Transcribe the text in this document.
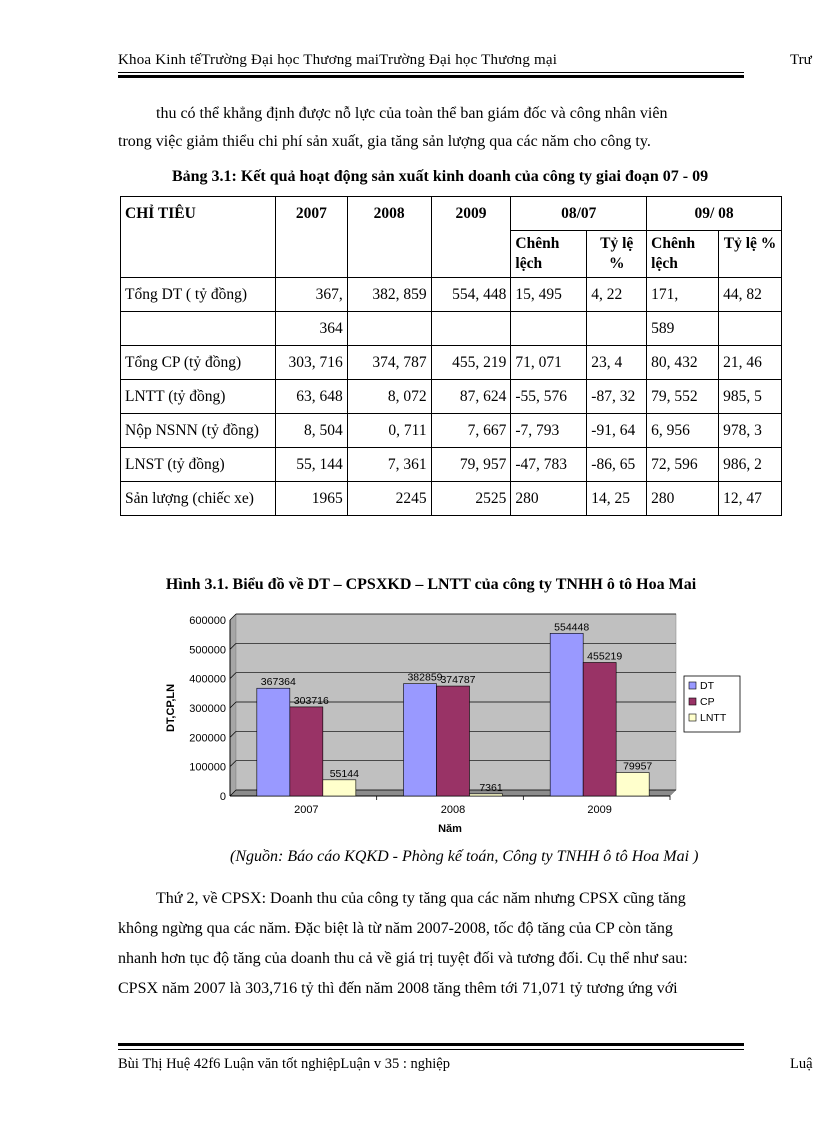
Khoa Kinh tếTrường Đại học Thương maiTrường Đại học Thương mại	Trư

thu có thể khẳng định được nỗ lực của toàn thể ban giám đốc và công nhân viên

trong việc giảm thiểu chi phí sản xuất, gia tăng sản lượng qua các năm cho công ty.

Bảng 3.1: Kết quả hoạt động sản xuất kinh doanh của công ty giai đoạn 07 - 09
CHỈ TIÊU	2007	2008	2009	08/07		09/ 08	
				Chênh lệch	Tỷ lệ %	Chênh lệch	Tỷ lệ %
Tổng DT ( tỷ đồng)	367,	382, 859	554, 448	15, 495	4, 22	171,	44, 82
	364					589	
Tổng CP (tỷ đồng)	303, 716	374, 787	455, 219	71, 071	23, 4	80, 432	21, 46
LNTT (tỷ đồng)	63, 648	8, 072	87, 624	-55, 576	-87, 32	79, 552	985, 5
Nộp NSNN (tỷ đồng)	8, 504	0, 711	7, 667	-7, 793	-91, 64	6, 956	978, 3
LNST (tỷ đồng)	55, 144	7, 361	79, 957	-47, 783	-86, 65	72, 596	986, 2
Sản lượng (chiếc xe)	1965	2245	2525	280	14, 25	280	12, 47
Hình 3.1. Biểu đồ về DT – CPSXKD – LNTT của công ty TNHH ô tô Hoa Mai
0
100000
200000
300000
400000
500000
600000
367364
303716
55144
2007
382859
374787
7361
2008
554448
455219
79957
2009
Năm
DT,CP,LN	DT
CP
LNTT
(Nguồn: Báo cáo KQKD - Phòng kế toán, Công ty TNHH ô tô Hoa Mai )

Thứ 2, về CPSX: Doanh thu của công ty tăng qua các năm nhưng CPSX cũng tăng

không ngừng qua các năm. Đặc biệt là từ năm 2007-2008, tốc độ tăng của CP còn tăng

nhanh hơn tục độ tăng của doanh thu cả về giá trị tuyệt đối và tương đối. Cụ thể như sau:

CPSX năm 2007 là 303,716 tỷ thì đến năm 2008 tăng thêm tới 71,071 tỷ tương ứng với

Bùi Thị Huệ 42f6 Luận văn tốt nghiệpLuận v 35 : nghiệp	Luậ
